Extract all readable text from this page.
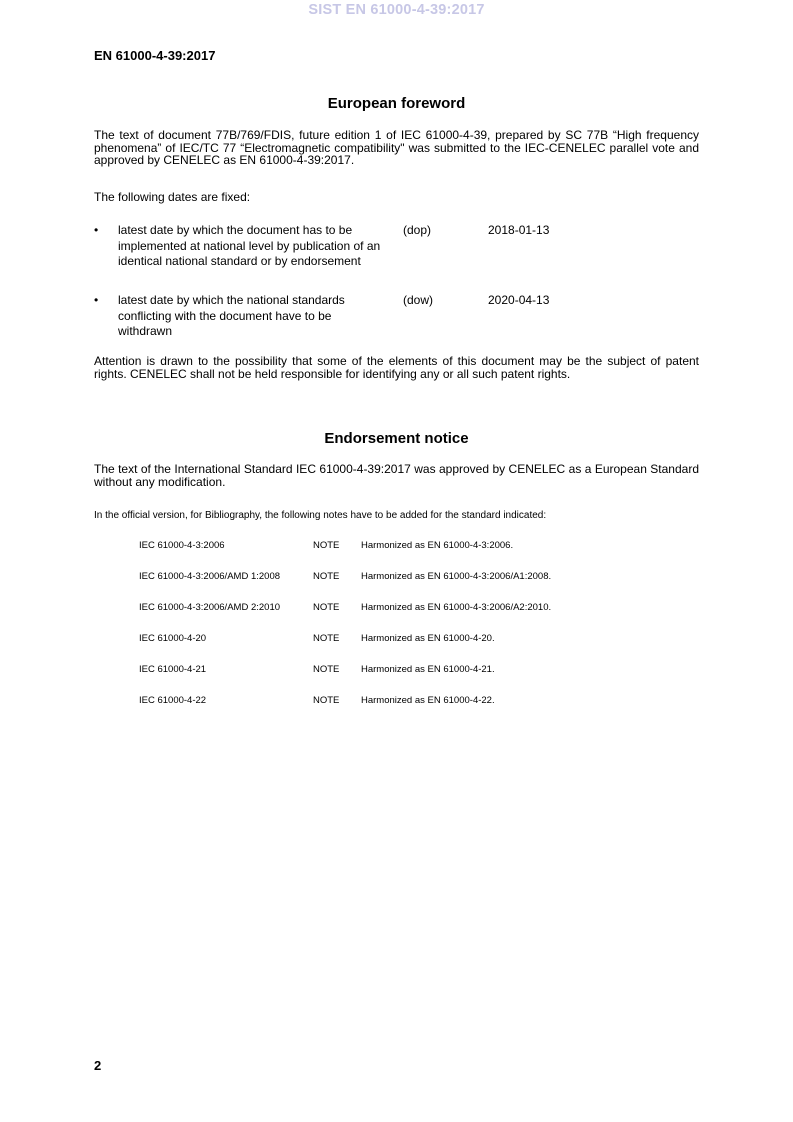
SIST EN 61000-4-39:2017
EN 61000-4-39:2017
European foreword

The text of document 77B/769/FDIS, future edition 1 of IEC 61000-4-39, prepared by SC 77B “High frequency phenomena” of IEC/TC 77 “Electromagnetic compatibility" was submitted to the IEC-CENELEC parallel vote and approved by CENELEC as EN 61000-4-39:2017.

The following dates are fixed:

• latest date by which the document has to be implemented at national level by publication of an identical national standard or by endorsement
(dop)	2018-01-13
• latest date by which the national standards conflicting with the document have to be withdrawn
(dow)	2020-04-13

Attention is drawn to the possibility that some of the elements of this document may be the subject of patent rights. CENELEC shall not be held responsible for identifying any or all such patent rights.

Endorsement notice

The text of the International Standard IEC 61000-4-39:2017 was approved by CENELEC as a European Standard without any modification.

In the official version, for Bibliography, the following notes have to be added for the standard indicated:
IEC 61000-4-3:2006	NOTE Harmonized as EN 61000-4-3:2006.
IEC 61000-4-3:2006/AMD 1:2008	NOTE Harmonized as EN 61000-4-3:2006/A1:2008.
IEC 61000-4-3:2006/AMD 2:2010	NOTE Harmonized as EN 61000-4-3:2006/A2:2010.
IEC 61000-4-20	NOTE Harmonized as EN 61000-4-20.
IEC 61000-4-21	NOTE Harmonized as EN 61000-4-21.
IEC 61000-4-22	NOTE Harmonized as EN 61000-4-22.
2
